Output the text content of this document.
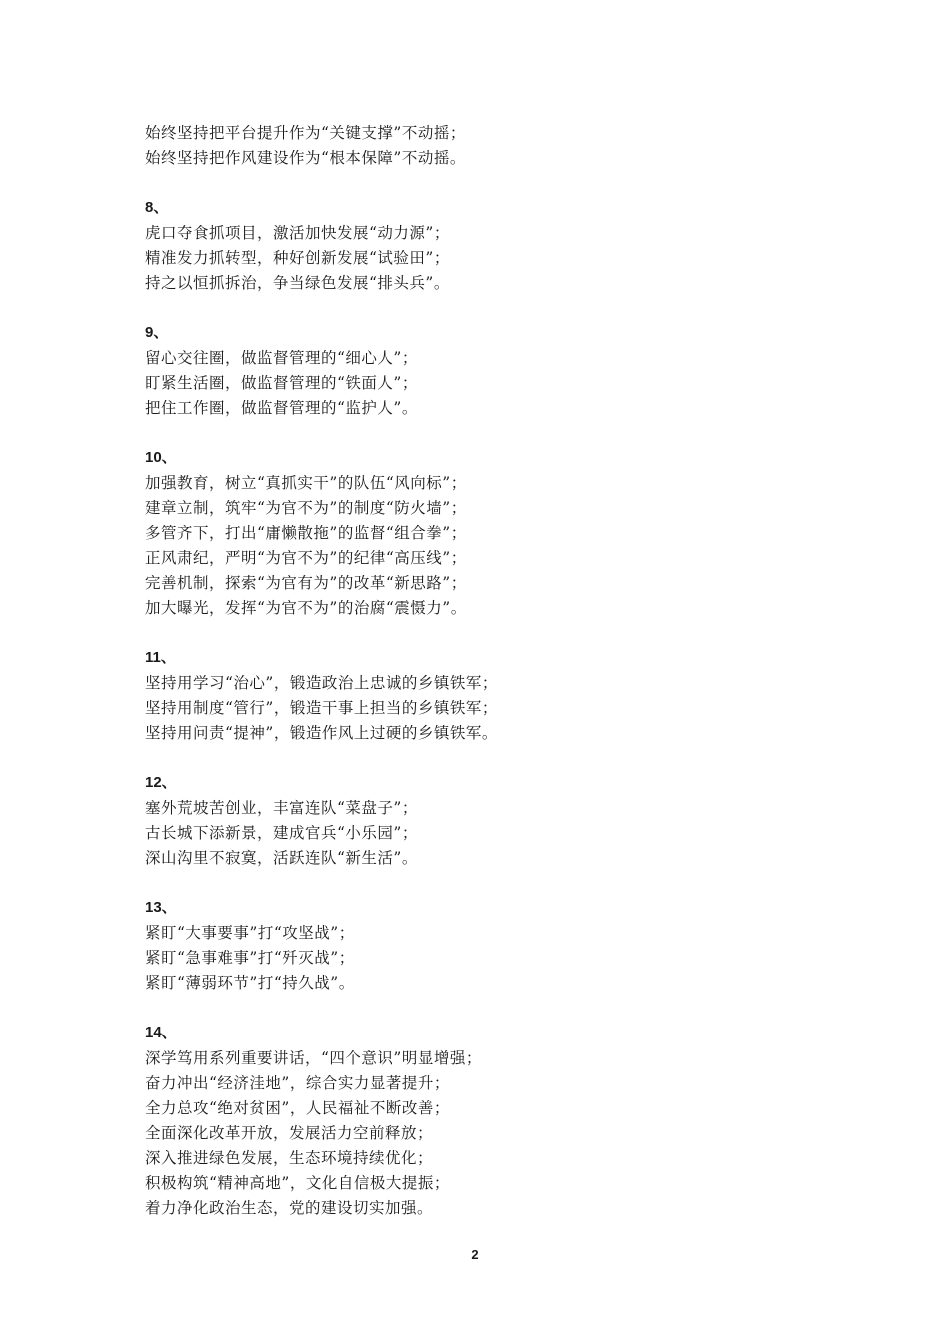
始终坚持把平台提升作为“关键支撑”不动摇；
始终坚持把作风建设作为“根本保障”不动摇。
8、
虎口夺食抓项目，激活加快发展“动力源”；
精准发力抓转型，种好创新发展“试验田”；
持之以恒抓拆治，争当绿色发展“排头兵”。
9、
留心交往圈，做监督管理的“细心人”；
盯紧生活圈，做监督管理的“铁面人”；
把住工作圈，做监督管理的“监护人”。
10、
加强教育，树立“真抓实干”的队伍“风向标”；
建章立制，筑牢“为官不为”的制度“防火墙”；
多管齐下，打出“庸懒散拖”的监督“组合拳”；
正风肃纪，严明“为官不为”的纪律“高压线”；
完善机制，探索“为官有为”的改革“新思路”；
加大曝光，发挥“为官不为”的治腐“震慑力”。
11、
坚持用学习“治心”，锻造政治上忠诚的乡镇铁军；
坚持用制度“管行”，锻造干事上担当的乡镇铁军；
坚持用问责“提神”，锻造作风上过硬的乡镇铁军。
12、
塞外荒坡苦创业，丰富连队“菜盘子”；
古长城下添新景，建成官兵“小乐园”；
深山沟里不寂寞，活跃连队“新生活”。
13、
紧盯“大事要事”打“攻坚战”；
紧盯“急事难事”打“歼灭战”；
紧盯“薄弱环节”打“持久战”。
14、
深学笃用系列重要讲话，“四个意识”明显增强；
奋力冲出“经济洼地”，综合实力显著提升；
全力总攻“绝对贫困”，人民福祉不断改善；
全面深化改革开放，发展活力空前释放；
深入推进绿色发展，生态环境持续优化；
积极构筑“精神高地”，文化自信极大提振；
着力净化政治生态，党的建设切实加强。
2
